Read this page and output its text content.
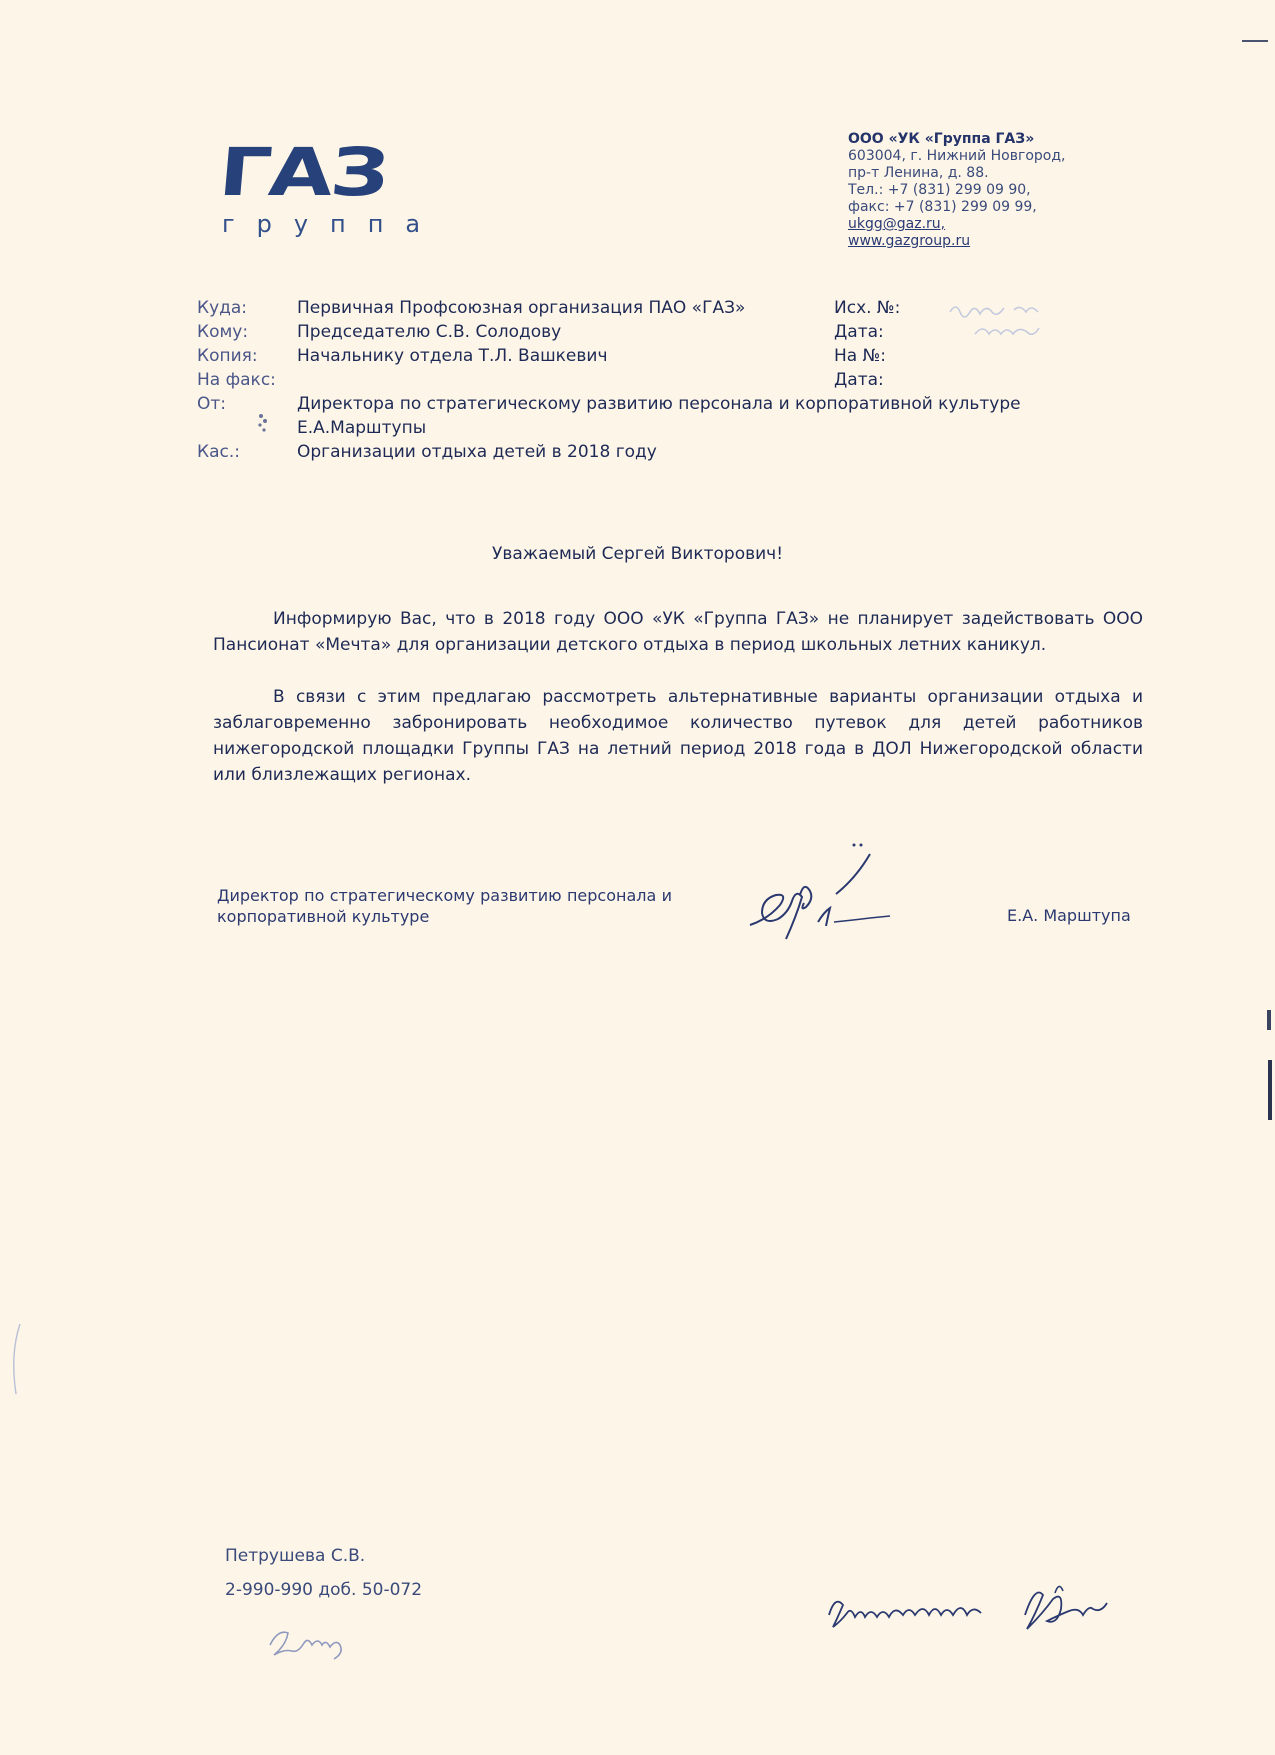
ГАЗ
группа
ООО «УК «Группа ГАЗ»
603004, г. Нижний Новгород,
пр-т Ленина, д. 88.
Тел.: +7 (831) 299 09 90,
факс: +7 (831) 299 09 99,
ukgg@gaz.ru,
www.gazgroup.ru
Куда:	Первичная Профсоюзная организация ПАО «ГАЗ»
Кому:	Председателю С.В. Солодову
Копия: Начальнику отдела Т.Л. Вашкевич
На факс:
От:	Директора по стратегическому развитию персонала и корпоративной культуре
Е.А.Марштупы
Кас.:	Организации отдыха детей в 2018 году
Исх. №:
Дата:
На №:
Дата:
Уважаемый Сергей Викторович!

Информирую Вас, что в 2018 году ООО «УК «Группа ГАЗ» не планирует задействовать ООО Пансионат «Мечта» для организации детского отдыха в период школьных летних каникул.

В связи с этим предлагаю рассмотреть альтернативные варианты организации отдыха и заблаговременно забронировать необходимое количество путевок для детей работников нижегородской площадки Группы ГАЗ на летний период 2018 года в ДОЛ Нижегородской области или близлежащих регионах.

Директор по стратегическому развитию персонала и корпоративной культуре	Е.А. Марштупа
Петрушева С.В.
2-990-990 доб. 50-072
